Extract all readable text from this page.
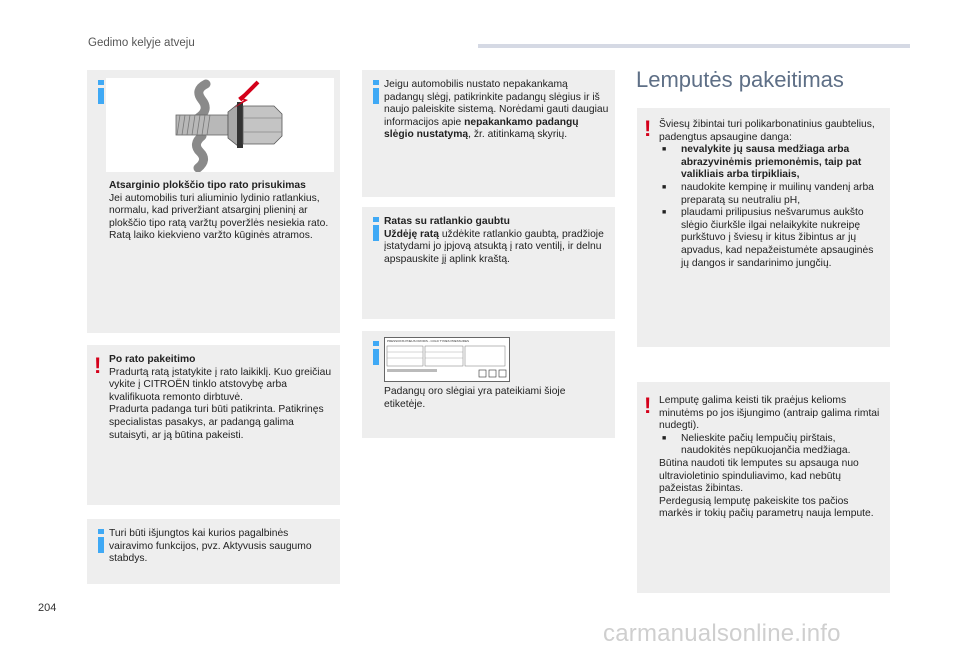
Gedimo kelyje atveju
Atsarginio plokščio tipo rato prisukimas
Jei automobilis turi aliuminio lydinio ratlankius, normalu, kad priveržiant atsarginį plieninį ar plokščio tipo ratą varžtų poveržlės nesiekia rato. Ratą laiko kiekvieno varžto kūginės atramos.
! Po rato pakeitimo
Pradurtą ratą įstatykite į rato laikiklį. Kuo greičiau vykite į CITROËN tinklo atstovybę arba kvalifikuota remonto dirbtuvė.
Pradurta padanga turi būti patikrinta. Patikrinęs specialistas pasakys, ar padangą galima sutaisyti, ar ją būtina pakeisti.
Turi būti išjungtos kai kurios pagalbinės vairavimo funkcijos, pvz. Aktyvusis saugumo stabdys.
Jeigu automobilis nustato nepakankamą padangų slėgį, patikrinkite padangų slėgius ir iš naujo paleiskite sistemą. Norėdami gauti daugiau informacijos apie nepakankamo padangų slėgio nustatymą, žr. atitinkamą skyrių.
Ratas su ratlankio gaubtu
Uždėję ratą uždėkite ratlankio gaubtą, pradžioje įstatydami jo įpjovą atsuktą į rato ventilį, ir delnu apspauskite jį aplink kraštą.
PRESSIONS PNEUS FROIDS - COLD TYRES PRESSURES
Padangų oro slėgiai yra pateikiami šioje etiketėje.
Lemputės pakeitimas
! Šviesų žibintai turi polikarbonatinius gaubtelius, padengtus apsaugine danga:
■ nevalykite jų sausa medžiaga arba abrazyvinėmis priemonėmis, taip pat valikliais arba tirpikliais,
■ naudokite kempinę ir muilinų vandenį arba preparatą su neutraliu pH,
■ plaudami prilipusius nešvarumus aukšto slėgio čiurkšle ilgai nelaikykite nukreipę purkštuvo į šviesų ir kitus žibintus ar jų apvadus, kad nepažeistumėte apsauginės jų dangos ir sandarinimo jungčių.
! Lemputę galima keisti tik praėjus kelioms minutėms po jos išjungimo (antraip galima rimtai nudegti).
■ Nelieskite pačių lempučių pirštais, naudokitės nepūkuojančia medžiaga.
Būtina naudoti tik lemputes su apsauga nuo ultravioletinio spinduliavimo, kad nebūtų pažeistas žibintas.
Perdegusią lemputę pakeiskite tos pačios markės ir tokių pačių parametrų nauja lempute.
204
carmanualsonline.info
